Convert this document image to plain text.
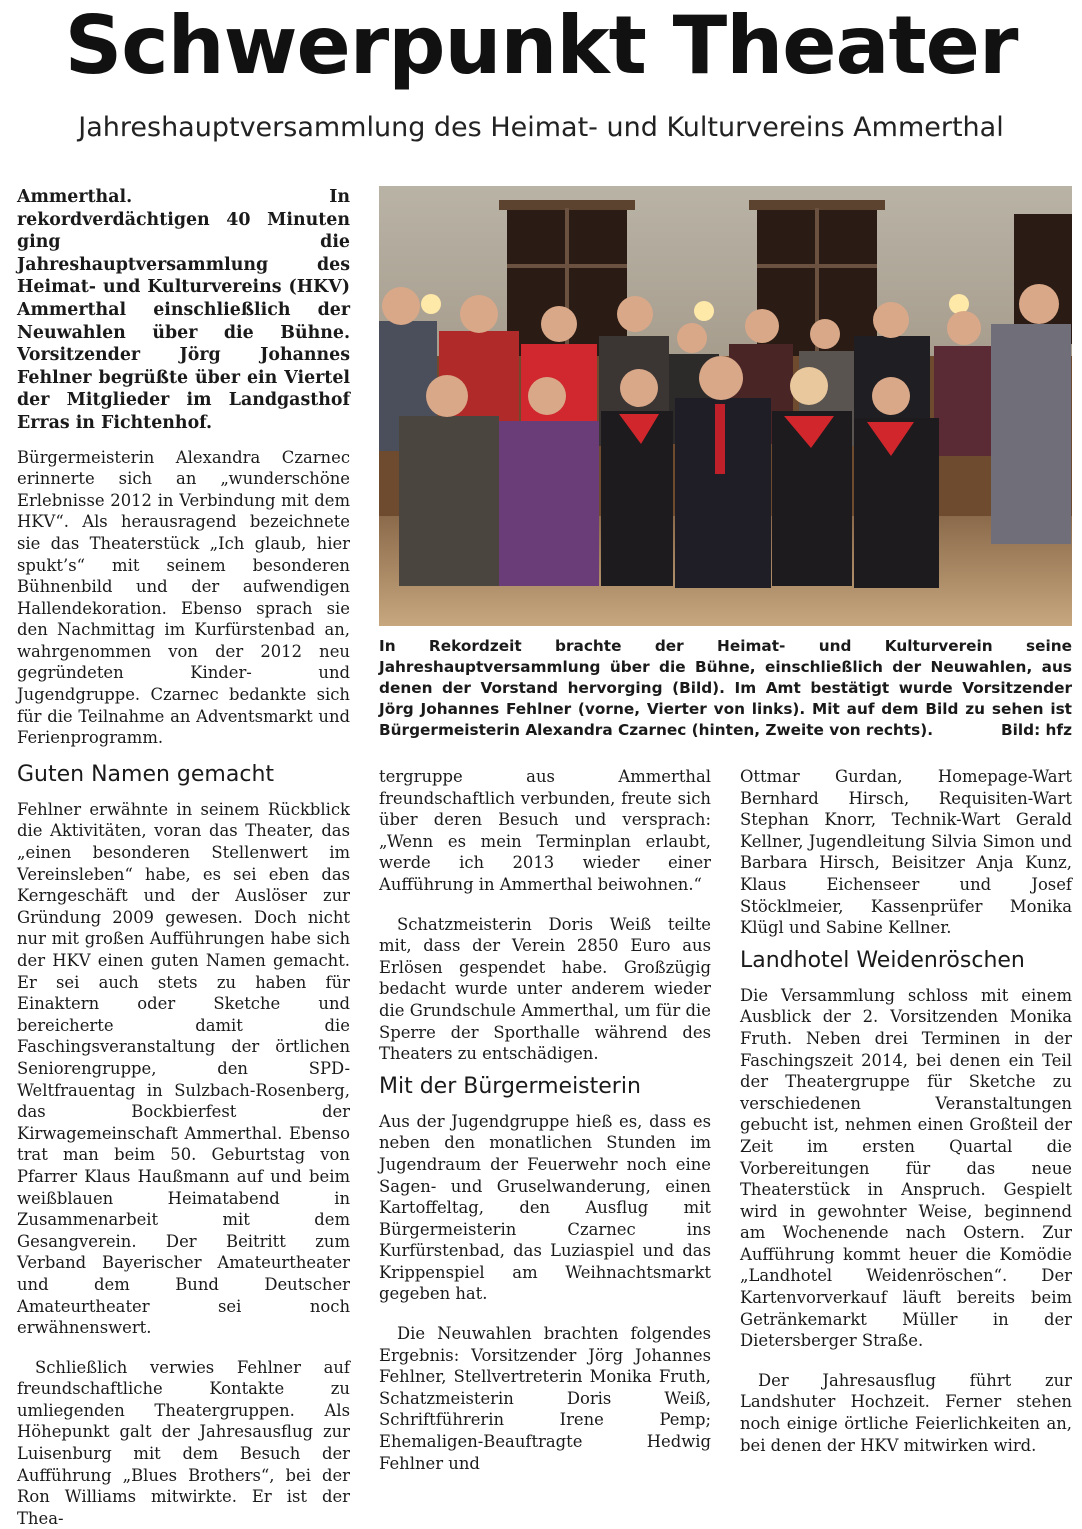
Schwerpunkt Theater
Jahreshauptversammlung des Heimat- und Kulturvereins Ammerthal

Ammerthal. In rekordverdächtigen 40 Minuten ging die Jahreshauptversammlung des Heimat- und Kulturvereins (HKV) Ammerthal einschließlich der Neuwahlen über die Bühne. Vorsitzender Jörg Johannes Fehlner begrüßte über ein Viertel der Mitglieder im Landgasthof Erras in Fichtenhof.

Bürgermeisterin Alexandra Czarnec erinnerte sich an „wunderschöne Erlebnisse 2012 in Verbindung mit dem HKV“. Als herausragend bezeichnete sie das Theaterstück „Ich glaub, hier spukt’s“ mit seinem besonderen Bühnenbild und der aufwendigen Hallendekoration. Ebenso sprach sie den Nachmittag im Kurfürstenbad an, wahrgenommen von der 2012 neu gegründeten Kinder- und Jugendgruppe. Czarnec bedankte sich für die Teilnahme an Adventsmarkt und Ferienprogramm.

Guten Namen gemacht

Fehlner erwähnte in seinem Rückblick die Aktivitäten, voran das Theater, das „einen besonderen Stellenwert im Vereinsleben“ habe, es sei eben das Kerngeschäft und der Auslöser zur Gründung 2009 gewesen. Doch nicht nur mit großen Aufführungen habe sich der HKV einen guten Namen gemacht. Er sei auch stets zu haben für Einaktern oder Sketche und bereicherte damit die Faschingsveranstaltung der örtlichen Seniorengruppe, den SPD-Weltfrauentag in Sulzbach-Rosenberg, das Bockbierfest der Kirwagemeinschaft Ammerthal. Ebenso trat man beim 50. Geburtstag von Pfarrer Klaus Haußmann auf und beim weißblauen Heimatabend in Zusammenarbeit mit dem Gesangverein. Der Beitritt zum Verband Bayerischer Amateurtheater und dem Bund Deutscher Amateurtheater sei noch erwähnenswert.

Schließlich verwies Fehlner auf freundschaftliche Kontakte zu umliegenden Theatergruppen. Als Höhepunkt galt der Jahresausflug zur Luisenburg mit dem Besuch der Aufführung „Blues Brothers“, bei der Ron Williams mitwirkte. Er ist der Thea-

In Rekordzeit brachte der Heimat- und Kulturverein seine Jahreshauptversammlung über die Bühne, einschließlich der Neuwahlen, aus denen der Vorstand hervorging (Bild). Im Amt bestätigt wurde Vorsitzender Jörg Johannes Fehlner (vorne, Vierter von links). Mit auf dem Bild zu sehen ist Bürgermeisterin Alexandra Czarnec (hinten, Zweite von rechts).	Bild: hfz

tergruppe aus Ammerthal freundschaftlich verbunden, freute sich über deren Besuch und versprach: „Wenn es mein Terminplan erlaubt, werde ich 2013 wieder einer Aufführung in Ammerthal beiwohnen.“

Schatzmeisterin Doris Weiß teilte mit, dass der Verein 2850 Euro aus Erlösen gespendet habe. Großzügig bedacht wurde unter anderem wieder die Grundschule Ammerthal, um für die Sperre der Sporthalle während des Theaters zu entschädigen.

Mit der Bürgermeisterin

Aus der Jugendgruppe hieß es, dass es neben den monatlichen Stunden im Jugendraum der Feuerwehr noch eine Sagen- und Gruselwanderung, einen Kartoffeltag, den Ausflug mit Bürgermeisterin Czarnec ins Kurfürstenbad, das Luziaspiel und das Krippenspiel am Weihnachtsmarkt gegeben hat.

Die Neuwahlen brachten folgendes Ergebnis: Vorsitzender Jörg Johannes Fehlner, Stellvertreterin Monika Fruth, Schatzmeisterin Doris Weiß, Schriftführerin Irene Pemp; Ehemaligen-Beauftragte Hedwig Fehlner und

Ottmar Gurdan, Homepage-Wart Bernhard Hirsch, Requisiten-Wart Stephan Knorr, Technik-Wart Gerald Kellner, Jugendleitung Silvia Simon und Barbara Hirsch, Beisitzer Anja Kunz, Klaus Eichenseer und Josef Stöcklmeier, Kassenprüfer Monika Klügl und Sabine Kellner.

Landhotel Weidenröschen

Die Versammlung schloss mit einem Ausblick der 2. Vorsitzenden Monika Fruth. Neben drei Terminen in der Faschingszeit 2014, bei denen ein Teil der Theatergruppe für Sketche zu verschiedenen Veranstaltungen gebucht ist, nehmen einen Großteil der Zeit im ersten Quartal die Vorbereitungen für das neue Theaterstück in Anspruch. Gespielt wird in gewohnter Weise, beginnend am Wochenende nach Ostern. Zur Aufführung kommt heuer die Komödie „Landhotel Weidenröschen“. Der Kartenvorverkauf läuft bereits beim Getränkemarkt Müller in der Dietersberger Straße.

Der Jahresausflug führt zur Landshuter Hochzeit. Ferner stehen noch einige örtliche Feierlichkeiten an, bei denen der HKV mitwirken wird.
